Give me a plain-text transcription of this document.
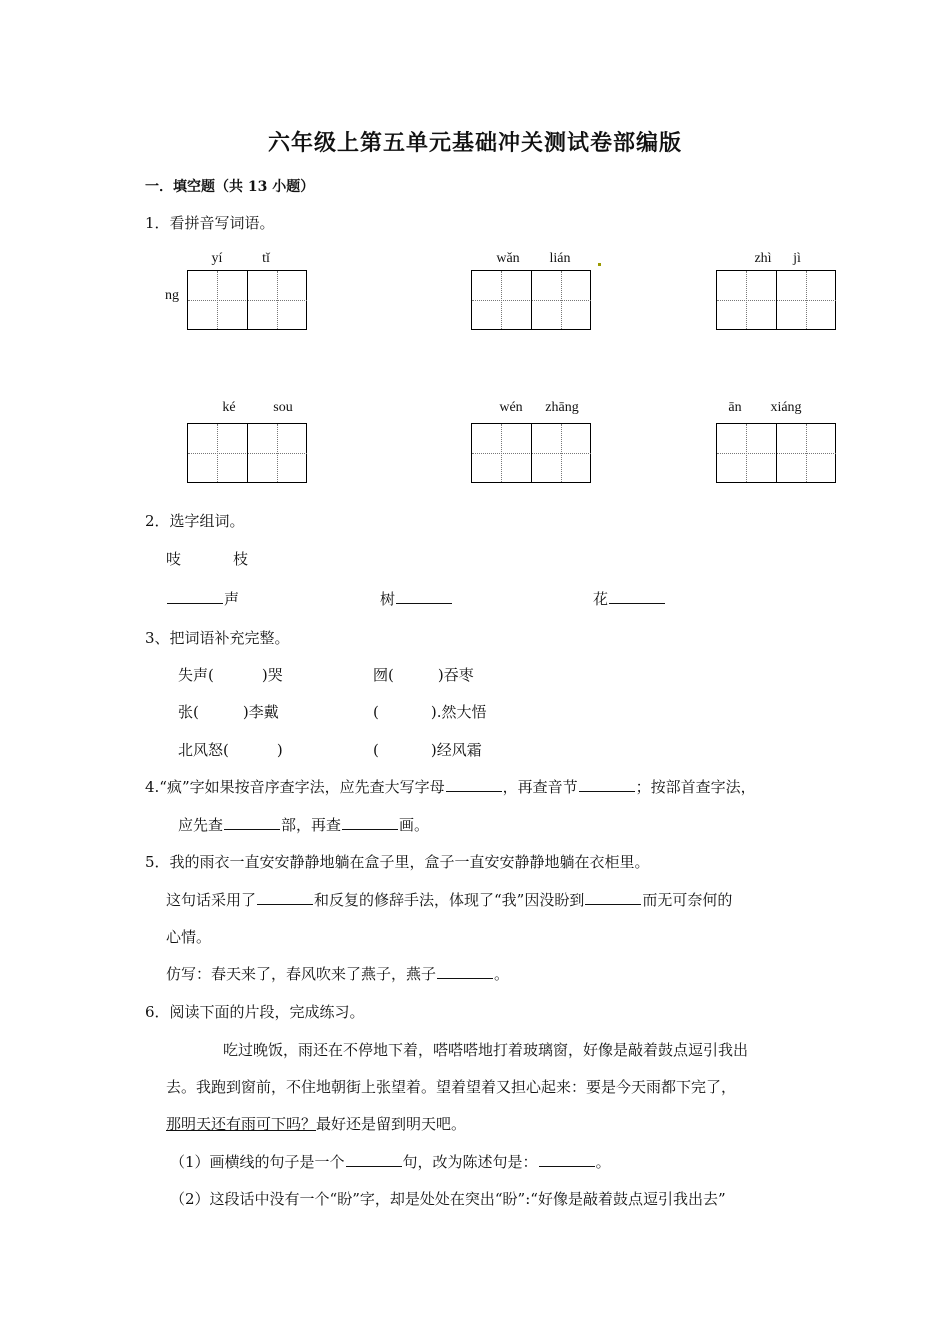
六年级上第五单元基础冲关测试卷部编版
一．填空题（共 13 小题）
1．看拼音写词语。
ng
yí	tǐ	wǎn	lián	zhì	jì
ké	sou	wén	zhāng	ān	xiáng
2．选字组词。
吱	枝
声	树	花
3、把词语补充完整。
失声(	)哭	囫(	)吞枣
张(	)李戴	(	).然大悟
北风怒(	)	(	)经风霜
4.“疯”字如果按音序查字法，应先查大写字母	，再查音节	；按部首查字法，
应先查	部，再查	画。
5．我的雨衣一直安安静静地躺在盒子里，盒子一直安安静静地躺在衣柜里。
这句话采用了	和反复的修辞手法，体现了“我”因没盼到	而无可奈何的
心情。
仿写：春天来了，春风吹来了燕子，燕子	。
6．阅读下面的片段，完成练习。
吃过晚饭，雨还在不停地下着，嗒嗒嗒地打着玻璃窗，好像是敲着鼓点逗引我出
去。我跑到窗前，不住地朝街上张望着。望着望着又担心起来：要是今天雨都下完了，
那明天还有雨可下吗？最好还是留到明天吧。
（1）画横线的句子是一个	句，改为陈述句是：	。
（2）这段话中没有一个“盼”字，却是处处在突出“盼”:“好像是敲着鼓点逗引我出去”
